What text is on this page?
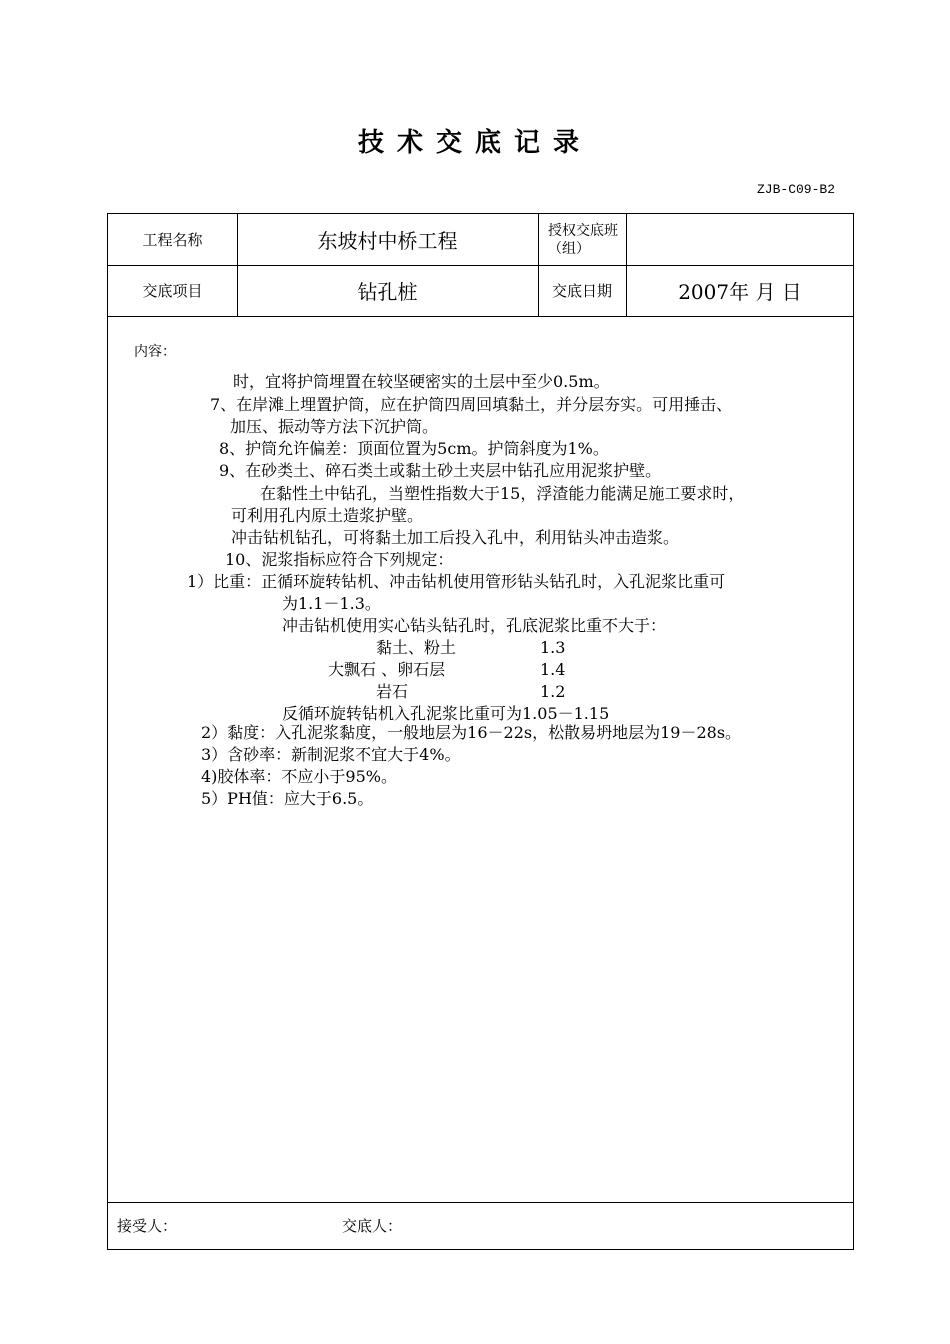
技术交底记录
ZJB-C09-B2
工程名称	东坡村中桥工程	授权交底班（组）
交底项目	钻孔桩	交底日期	2007年 月 日
内容：
时，宜将护筒埋置在较坚硬密实的土层中至少0.5m。
7、在岸滩上埋置护筒，应在护筒四周回填黏土，并分层夯实。可用捶击、
加压、振动等方法下沉护筒。
8、护筒允许偏差：顶面位置为5cm。护筒斜度为1%。
9、在砂类土、碎石类土或黏土砂土夹层中钻孔应用泥浆护壁。
在黏性土中钻孔，当塑性指数大于15，浮渣能力能满足施工要求时，
可利用孔内原土造浆护壁。
冲击钻机钻孔，可将黏土加工后投入孔中，利用钻头冲击造浆。
10、泥浆指标应符合下列规定：
1）比重：正循环旋转钻机、冲击钻机使用管形钻头钻孔时，入孔泥浆比重可
为1.1－1.3。
冲击钻机使用实心钻头钻孔时，孔底泥浆比重不大于：
黏土、粉土	1.3
大飘石 、卵石层	1.4
岩石	1.2
反循环旋转钻机入孔泥浆比重可为1.05－1.15
2）黏度：入孔泥浆黏度，一般地层为16－22s，松散易坍地层为19－28s。
3）含砂率：新制泥浆不宜大于4%。
4)胶体率：不应小于95%。
5）PH值：应大于6.5。
接受人：	交底人：
